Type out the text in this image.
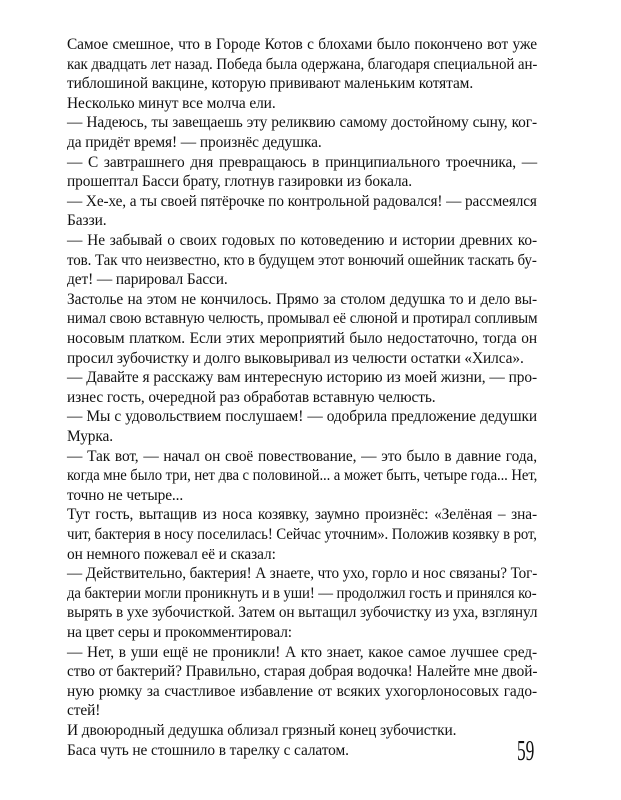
Самое смешное, что в Городе Котов с блохами было покончено вот уже
как двадцать лет назад. Победа была одержана, благодаря специальной ан-
тиблошиной вакцине, которую прививают маленьким котятам.
Несколько минут все молча ели.
— Надеюсь, ты завещаешь эту реликвию самому достойному сыну, ког-
да придёт время! — произнёс дедушка.
— С завтрашнего дня превращаюсь в принципиального троечника, —
прошептал Басси брату, глотнув газировки из бокала.
— Хе-хе, а ты своей пятёрочке по контрольной радовался! — рассмеялся
Баззи.
— Не забывай о своих годовых по котоведению и истории древних ко-
тов. Так что неизвестно, кто в будущем этот вонючий ошейник таскать бу-
дет! — парировал Басси.
Застолье на этом не кончилось. Прямо за столом дедушка то и дело вы-
нимал свою вставную челюсть, промывал её слюной и протирал сопливым
носовым платком. Если этих мероприятий было недостаточно, тогда он
просил зубочистку и долго выковыривал из челюсти остатки «Хилса».
— Давайте я расскажу вам интересную историю из моей жизни, — про-
изнес гость, очередной раз обработав вставную челюсть.
— Мы с удовольствием послушаем! — одобрила предложение дедушки
Мурка.
— Так вот, — начал он своё повествование, — это было в давние года,
когда мне было три, нет два с половиной... а может быть, четыре года... Нет,
точно не четыре...
Тут гость, вытащив из носа козявку, заумно произнёс: «Зелёная – зна-
чит, бактерия в носу поселилась! Сейчас уточним». Положив козявку в рот,
он немного пожевал её и сказал:
— Действительно, бактерия! А знаете, что ухо, горло и нос связаны? Тог-
да бактерии могли проникнуть и в уши! — продолжил гость и принялся ко-
вырять в ухе зубочисткой. Затем он вытащил зубочистку из уха, взглянул
на цвет серы и прокомментировал:
— Нет, в уши ещё не проникли! А кто знает, какое самое лучшее сред-
ство от бактерий? Правильно, старая добрая водочка! Налейте мне двой-
ную рюмку за счастливое избавление от всяких ухогорлоносовых гадо-
стей!
И двоюродный дедушка облизал грязный конец зубочистки.
Баса чуть не стошнило в тарелку с салатом.	59
